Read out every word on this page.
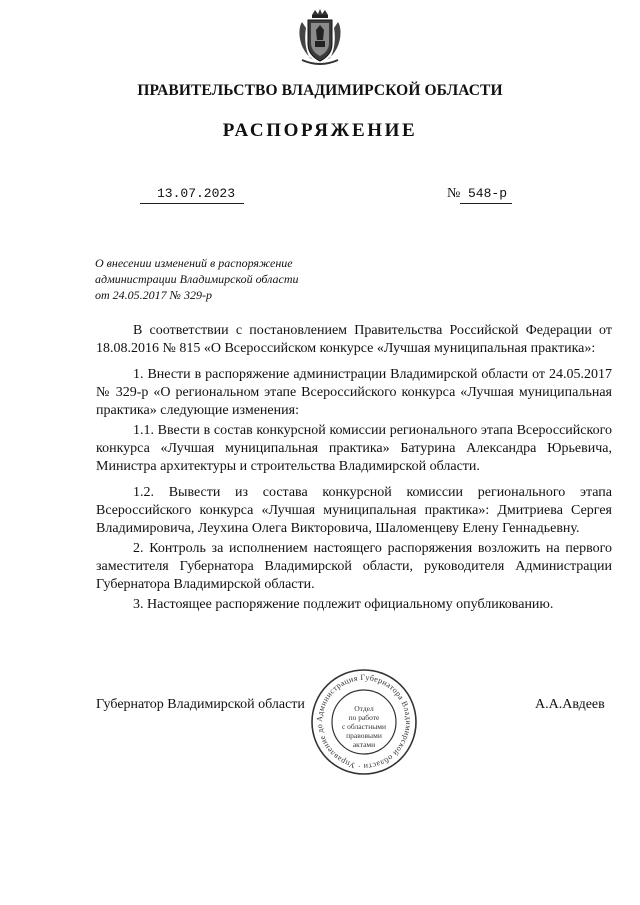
ПРАВИТЕЛЬСТВО ВЛАДИМИРСКОЙ ОБЛАСТИ
РАСПОРЯЖЕНИЕ
13.07.2023	№ 548-р
О внесении изменений в распоряжение
администрации Владимирской области
от 24.05.2017 № 329-р

В соответствии с постановлением Правительства Российской Федерации от 18.08.2016 № 815 «О Всероссийском конкурсе «Лучшая муниципальная практика»:

1. Внести в распоряжение администрации Владимирской области от 24.05.2017 № 329-р «О региональном этапе Всероссийского конкурса «Лучшая муниципальная практика» следующие изменения:

1.1. Ввести в состав конкурсной комиссии регионального этапа Всероссийского конкурса «Лучшая муниципальная практика» Батурина Александра Юрьевича, Министра архитектуры и строительства Владимирской области.

1.2. Вывести из состава конкурсной комиссии регионального этапа Всероссийского конкурса «Лучшая муниципальная практика»: Дмитриева Сергея Владимировича, Леухина Олега Викторовича, Шаломенцеву Елену Геннадьевну.

2. Контроль за исполнением настоящего распоряжения возложить на первого заместителя Губернатора Владимирской области, руководителя Администрации Губернатора Владимирской области.

3. Настоящее распоряжение подлежит официальному опубликованию.

Губернатор Владимирской области	А.А.Авдеев
Администрация Губернатора Владимирской области · Управление до
Отдел
по работе
с областными
правовыми
актами
